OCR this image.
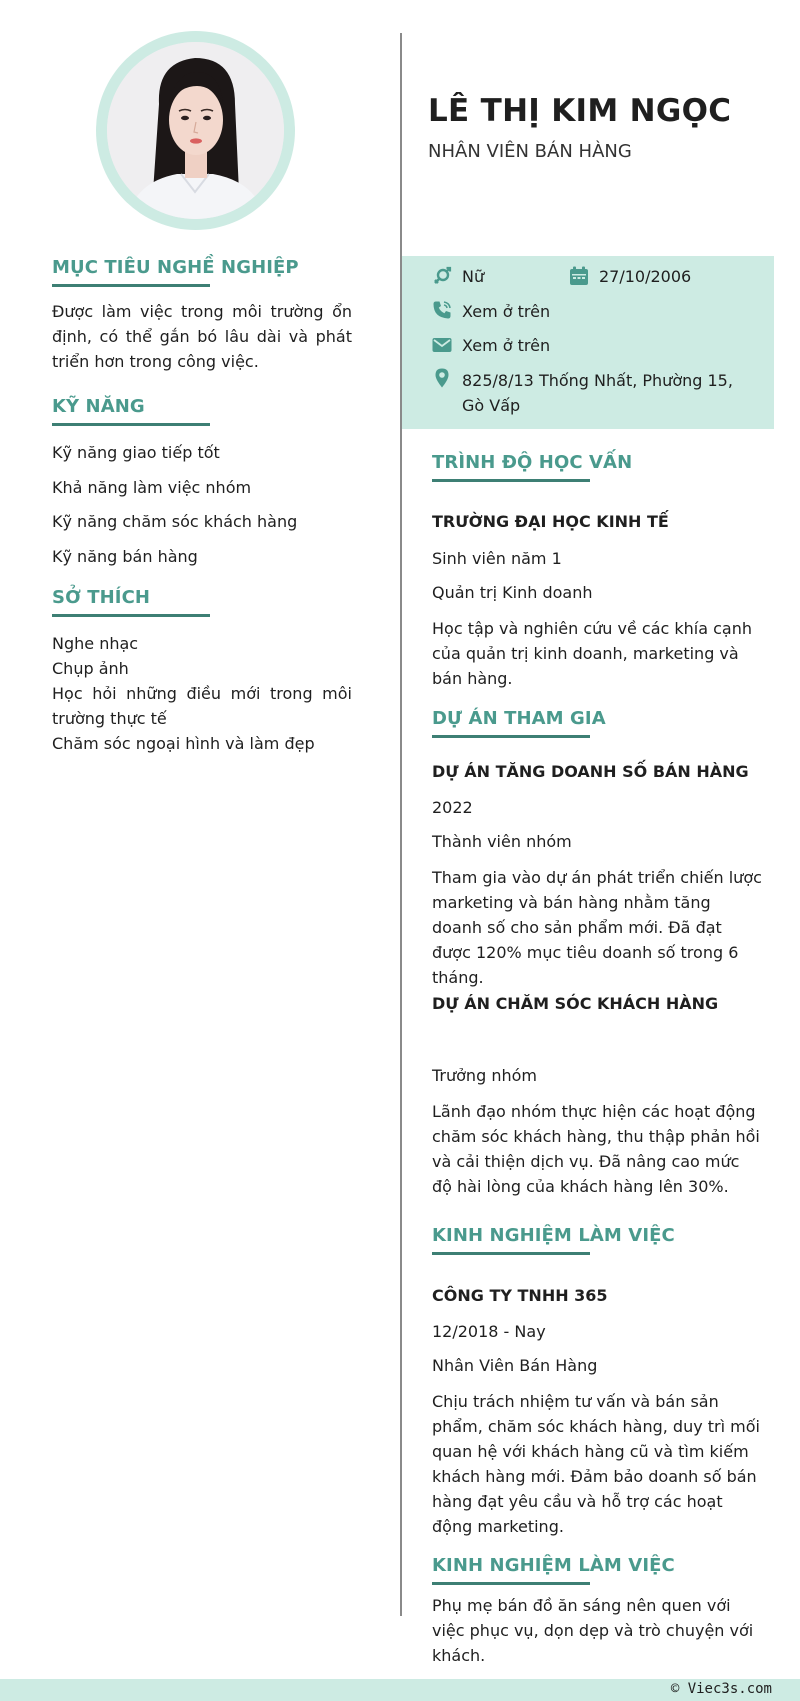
MỤC TIÊU NGHỀ NGHIỆP
Được làm việc trong môi trường ổn định, có thể gắn bó lâu dài và phát triển hơn trong công việc.
KỸ NĂNG
Kỹ năng giao tiếp tốt
Khả năng làm việc nhóm
Kỹ năng chăm sóc khách hàng
Kỹ năng bán hàng
SỞ THÍCH
Nghe nhạc
Chụp ảnh
Học hỏi những điều mới trong môi trường thực tế
Chăm sóc ngoại hình và làm đẹp
LÊ THỊ KIM NGỌC
NHÂN VIÊN BÁN HÀNG
Nữ	27/10/2006
Xem ở trên
Xem ở trên
825/8/13 Thống Nhất, Phường 15,
Gò Vấp
TRÌNH ĐỘ HỌC VẤN
TRƯỜNG ĐẠI HỌC KINH TẾ
Sinh viên năm 1
Quản trị Kinh doanh
Học tập và nghiên cứu về các khía cạnh của quản trị kinh doanh, marketing và bán hàng.
DỰ ÁN THAM GIA
DỰ ÁN TĂNG DOANH SỐ BÁN HÀNG
2022
Thành viên nhóm
Tham gia vào dự án phát triển chiến lược marketing và bán hàng nhằm tăng doanh số cho sản phẩm mới. Đã đạt được 120% mục tiêu doanh số trong 6 tháng.
DỰ ÁN CHĂM SÓC KHÁCH HÀNG
Trưởng nhóm
Lãnh đạo nhóm thực hiện các hoạt động chăm sóc khách hàng, thu thập phản hồi và cải thiện dịch vụ. Đã nâng cao mức độ hài lòng của khách hàng lên 30%.
KINH NGHIỆM LÀM VIỆC
CÔNG TY TNHH 365
12/2018 - Nay
Nhân Viên Bán Hàng
Chịu trách nhiệm tư vấn và bán sản phẩm, chăm sóc khách hàng, duy trì mối quan hệ với khách hàng cũ và tìm kiếm khách hàng mới. Đảm bảo doanh số bán hàng đạt yêu cầu và hỗ trợ các hoạt động marketing.
KINH NGHIỆM LÀM VIỆC
Phụ mẹ bán đồ ăn sáng nên quen với việc phục vụ, dọn dẹp và trò chuyện với khách.
© Viec3s.com
